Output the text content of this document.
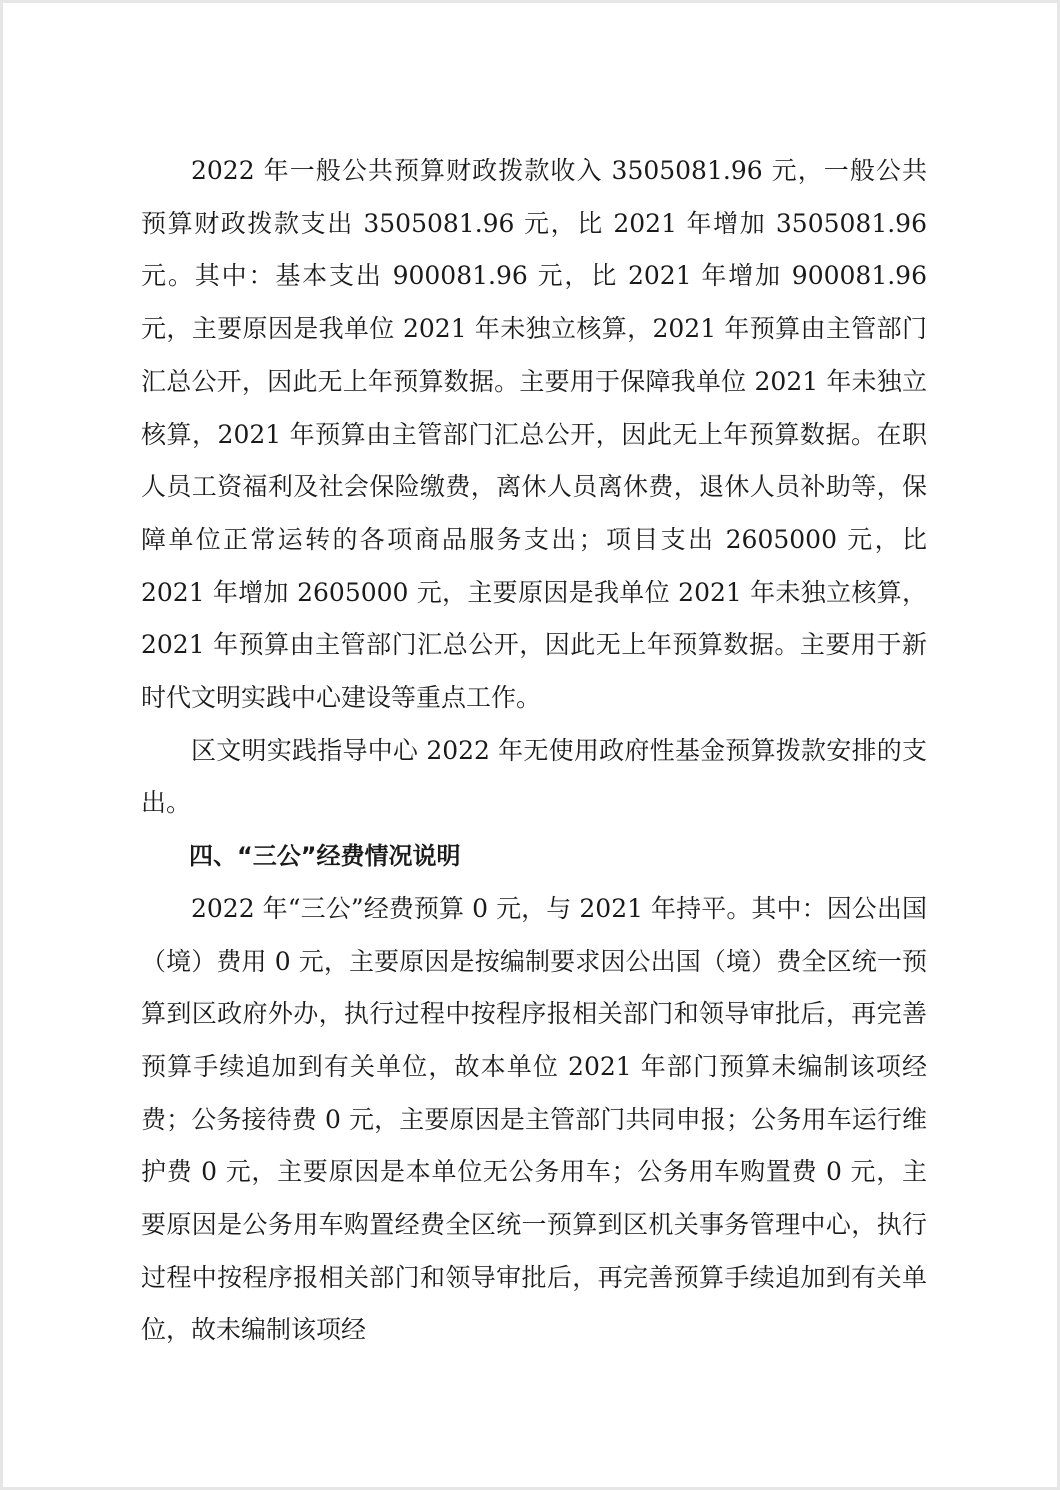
2022 年一般公共预算财政拨款收入 3505081.96 元，一般公共预算财政拨款支出 3505081.96 元，比 2021 年增加 3505081.96 元。其中：基本支出 900081.96 元，比 2021 年增加 900081.96 元，主要原因是我单位 2021 年未独立核算，2021 年预算由主管部门汇总公开，因此无上年预算数据。主要用于保障我单位 2021 年未独立核算，2021 年预算由主管部门汇总公开，因此无上年预算数据。在职人员工资福利及社会保险缴费，离休人员离休费，退休人员补助等，保障单位正常运转的各项商品服务支出；项目支出 2605000 元，比 2021 年增加 2605000 元，主要原因是我单位 2021 年未独立核算，2021 年预算由主管部门汇总公开，因此无上年预算数据。主要用于新时代文明实践中心建设等重点工作。

区文明实践指导中心 2022 年无使用政府性基金预算拨款安排的支出。

四、“三公”经费情况说明

2022 年“三公”经费预算 0 元，与 2021 年持平。其中：因公出国（境）费用 0 元，主要原因是按编制要求因公出国（境）费全区统一预算到区政府外办，执行过程中按程序报相关部门和领导审批后，再完善预算手续追加到有关单位，故本单位 2021 年部门预算未编制该项经费；公务接待费 0 元，主要原因是主管部门共同申报；公务用车运行维护费 0 元，主要原因是本单位无公务用车；公务用车购置费 0 元，主要原因是公务用车购置经费全区统一预算到区机关事务管理中心，执行过程中按程序报相关部门和领导审批后，再完善预算手续追加到有关单位，故未编制该项经
